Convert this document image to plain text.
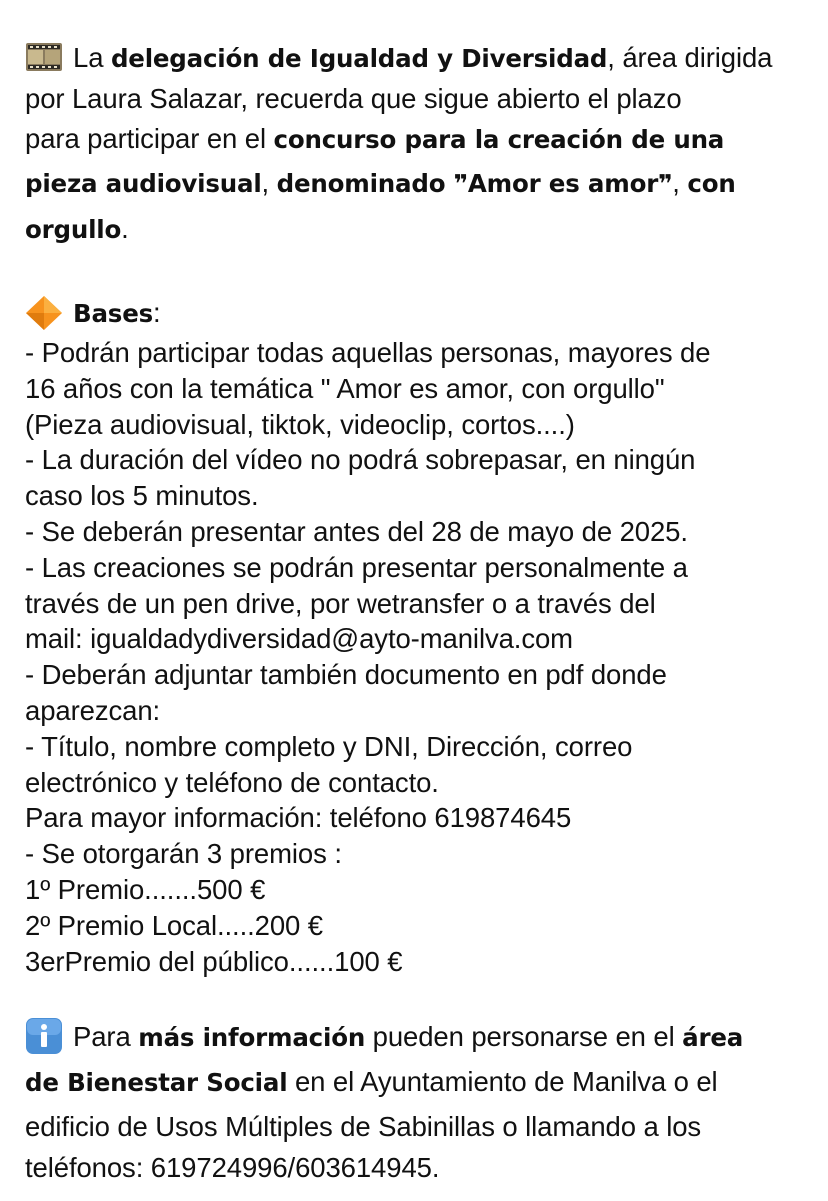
La delegación de Igualdad y Diversidad, área dirigida
por Laura Salazar, recuerda que sigue abierto el plazo
para participar en el concurso para la creación de una
pieza audiovisual, denominado ❞Amor es amor❞, con
orgullo.

Bases:
- Podrán participar todas aquellas personas, mayores de
16 años con la temática " Amor es amor, con orgullo"
(Pieza audiovisual, tiktok, videoclip, cortos....)
- La duración del vídeo no podrá sobrepasar, en ningún
caso los 5 minutos.
- Se deberán presentar antes del 28 de mayo de 2025.
- Las creaciones se podrán presentar personalmente a
través de un pen drive, por wetransfer o a través del
mail: igualdadydiversidad@ayto-manilva.com
- Deberán adjuntar también documento en pdf donde
aparezcan:
- Título, nombre completo y DNI, Dirección, correo
electrónico y teléfono de contacto.
Para mayor información: teléfono 619874645
- Se otorgarán 3 premios :
1º Premio.......500 €
2º Premio Local.....200 €
3erPremio del público......100 €

Para más información pueden personarse en el área
de Bienestar Social en el Ayuntamiento de Manilva o el
edificio de Usos Múltiples de Sabinillas o llamando a los
teléfonos: 619724996/603614945.
